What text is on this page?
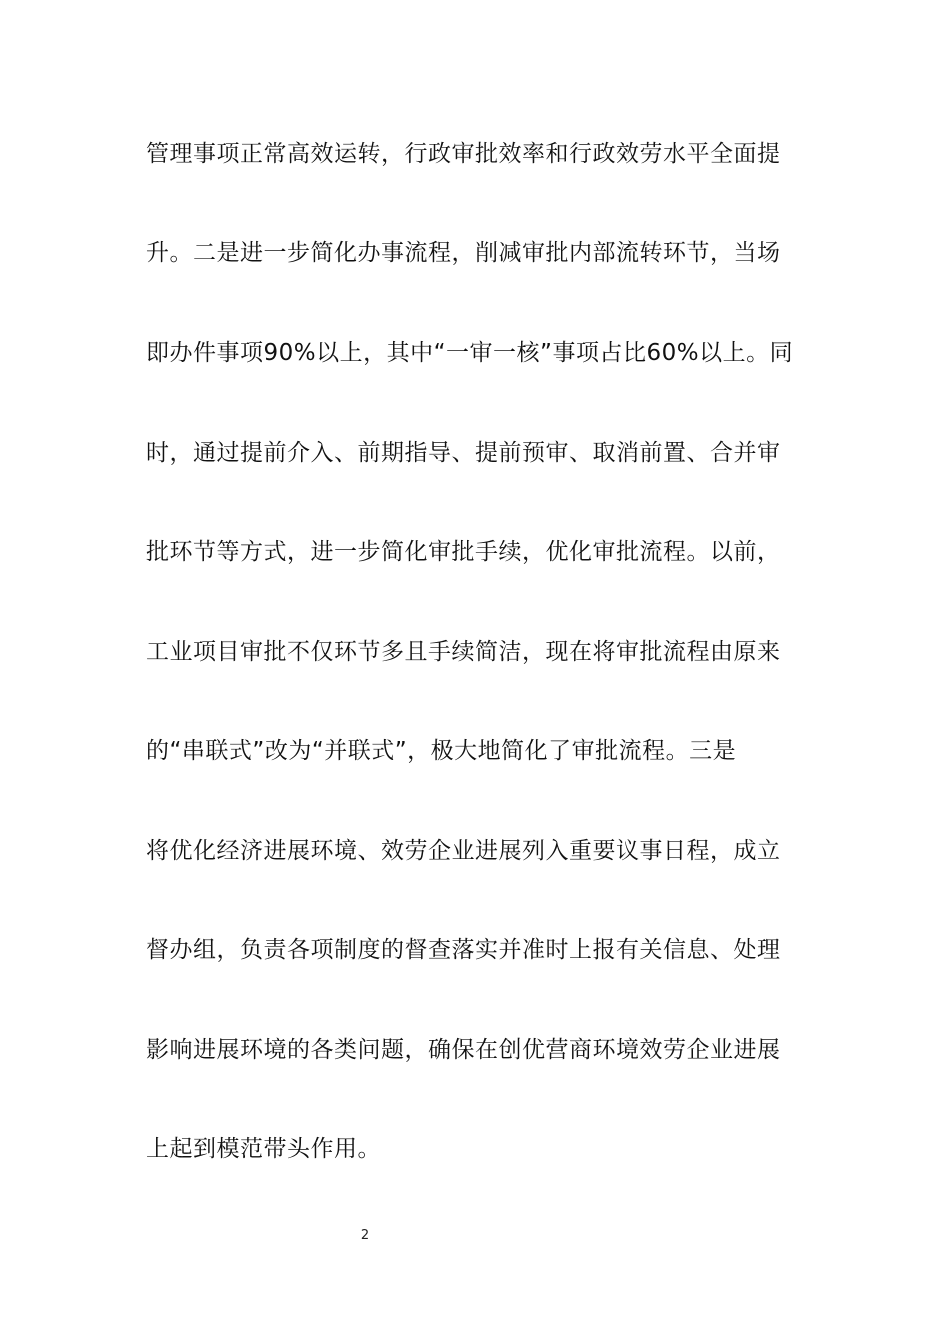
管理事项正常高效运转，行政审批效率和行政效劳水平全面提
升。二是进一步简化办事流程，削减审批内部流转环节，当场
即办件事项90%以上，其中“一审一核”事项占比60%以上。同
时，通过提前介入、前期指导、提前预审、取消前置、合并审
批环节等方式，进一步简化审批手续，优化审批流程。以前，
工业项目审批不仅环节多且手续简洁，现在将审批流程由原来
的“串联式”改为“并联式”，极大地简化了审批流程。三是
将优化经济进展环境、效劳企业进展列入重要议事日程，成立
督办组，负责各项制度的督查落实并准时上报有关信息、处理
影响进展环境的各类问题，确保在创优营商环境效劳企业进展
上起到模范带头作用。
2
